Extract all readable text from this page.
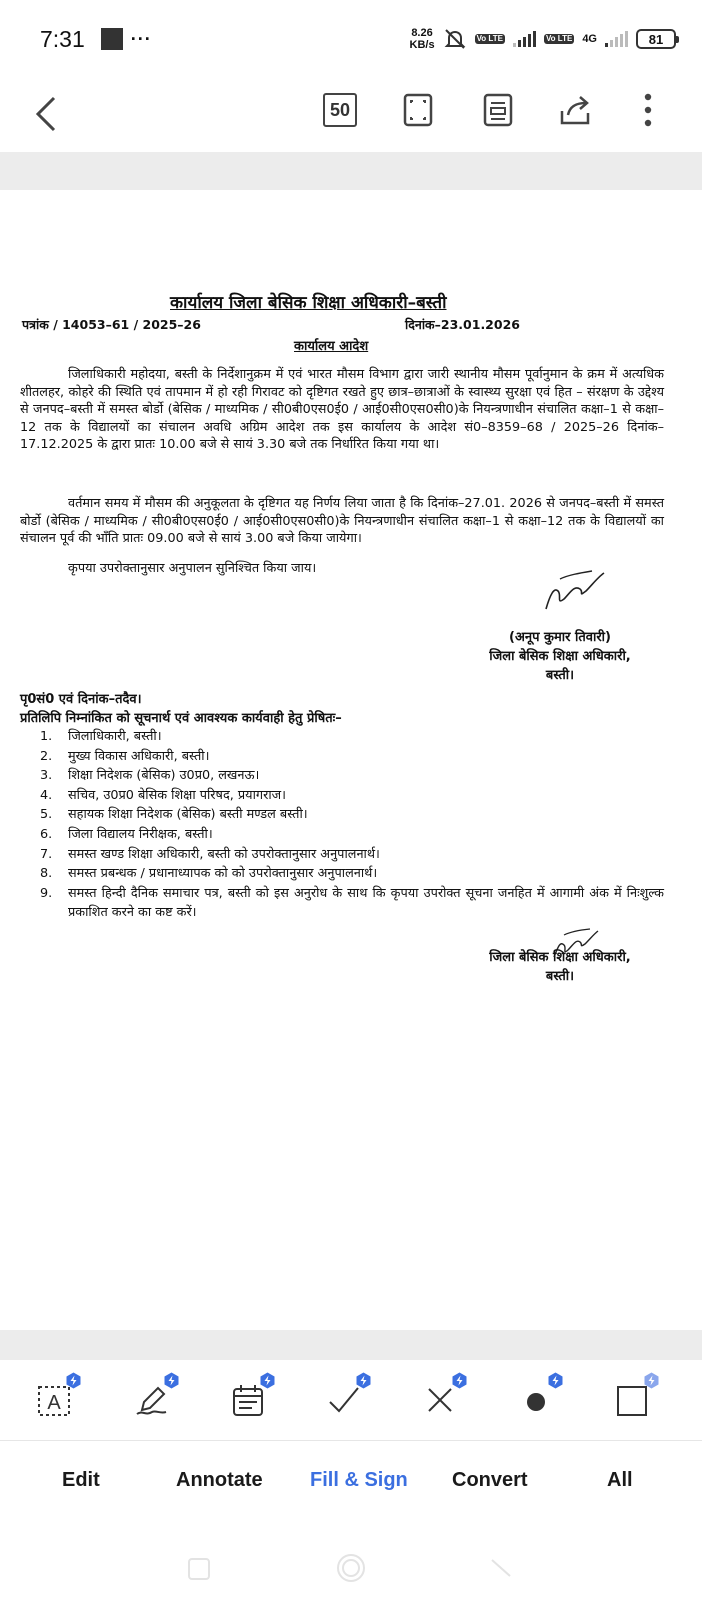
7:31	···	8.26
KB/s
Vo LTE	Vo LTE 4G	81
50
कार्यालय जिला बेसिक शिक्षा अधिकारी–बस्ती
पत्रांक / 14053–61 / 2025–26	दिनांक–23.01.2026
कार्यालय आदेश

जिलाधिकारी महोदया, बस्ती के निर्देशानुक्रम में एवं भारत मौसम विभाग द्वारा जारी स्थानीय मौसम पूर्वानुमान के क्रम में अत्यधिक शीतलहर, कोहरे की स्थिति एवं तापमान में हो रही गिरावट को दृष्टिगत रखते हुए छात्र–छात्राओं के स्वास्थ्य सुरक्षा एवं हित – संरक्षण के उद्देश्य से जनपद–बस्ती में समस्त बोर्डो (बेसिक / माध्यमिक / सी0बी0एस0ई0 / आई0सी0एस0सी0)के नियन्त्रणाधीन संचालित कक्षा–1 से कक्षा–12 तक के विद्यालयों का संचालन अवधि अग्रिम आदेश तक इस कार्यालय के आदेश सं0–8359–68 / 2025–26 दिनांक–17.12.2025 के द्वारा प्रातः 10.00 बजे से सायं 3.30 बजे तक निर्धारित किया गया था।

वर्तमान समय में मौसम की अनुकूलता के दृष्टिगत यह निर्णय लिया जाता है कि दिनांक–27.01. 2026 से जनपद–बस्ती में समस्त बोर्डो (बेसिक / माध्यमिक / सी0बी0एस0ई0 / आई0सी0एस0सी0)के नियन्त्रणाधीन संचालित कक्षा–1 से कक्षा–12 तक के विद्यालयों का संचालन पूर्व की भाँति प्रातः 09.00 बजे से सायं 3.00 बजे किया जायेगा।

कृपया उपरोक्तानुसार अनुपालन सुनिश्चित किया जाय।

(अनूप कुमार तिवारी)
जिला बेसिक शिक्षा अधिकारी,
बस्ती।
पृ0सं0 एवं दिनांक–तदैव।
प्रतिलिपि निम्नांकित को सूचनार्थ एवं आवश्यक कार्यवाही हेतु प्रेषितः–
1.	जिलाधिकारी, बस्ती।
2.	मुख्य विकास अधिकारी, बस्ती।
3.	शिक्षा निदेशक (बेसिक) उ0प्र0, लखनऊ।
4.	सचिव, उ0प्र0 बेसिक शिक्षा परिषद, प्रयागराज।
5.	सहायक शिक्षा निदेशक (बेसिक) बस्ती मण्डल बस्ती।
6.	जिला विद्यालय निरीक्षक, बस्ती।
7.	समस्त खण्ड शिक्षा अधिकारी, बस्ती को उपरोक्तानुसार अनुपालनार्थ।
8.	समस्त प्रबन्धक / प्रधानाध्यापक को को उपरोक्तानुसार अनुपालनार्थ।
9.	समस्त हिन्दी दैनिक समाचार पत्र, बस्ती को इस अनुरोध के साथ कि कृपया उपरोक्त सूचना जनहित में आगामी अंक में निःशुल्क प्रकाशित करने का कष्ट करें।
जिला बेसिक शिक्षा अधिकारी,
बस्ती।
A
Edit	Annotate Fill & Sign Convert	All
